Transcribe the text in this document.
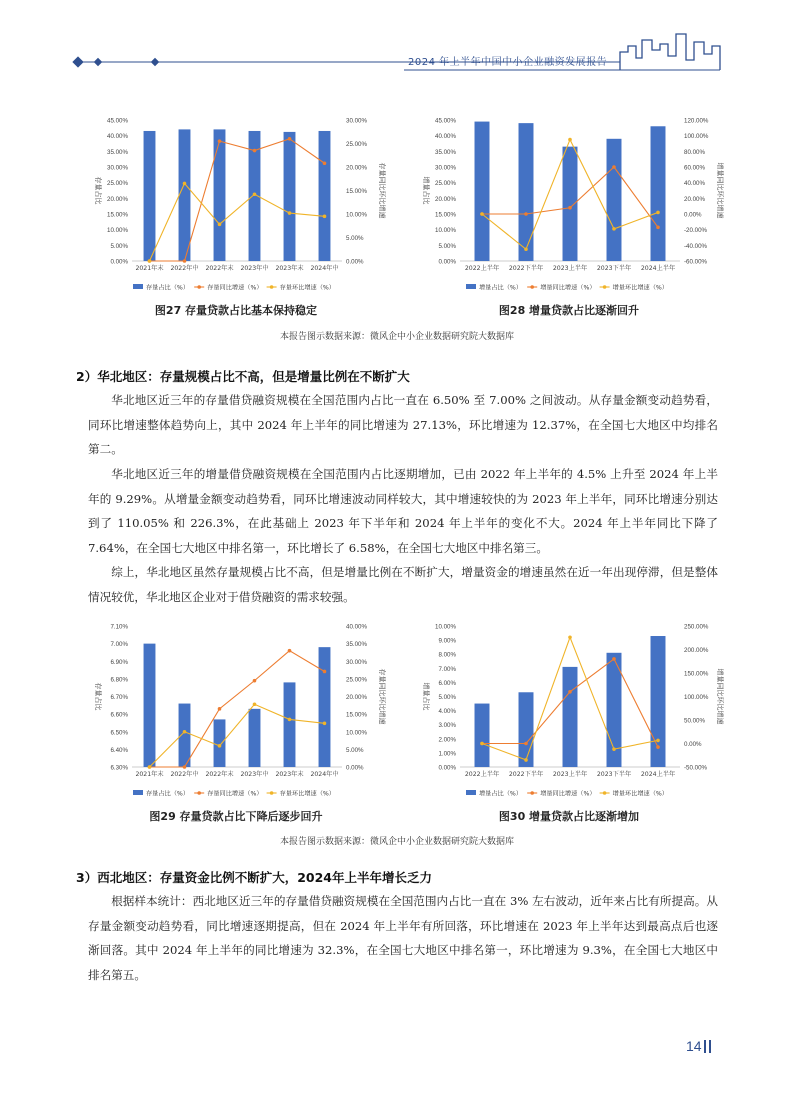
2024 年上半年中国中小企业融资发展报告
0.00%
5.00%
10.00%
15.00%
20.00%
25.00%
30.00%
35.00%
40.00%
45.00%
0.00%
5.00%
10.00%
15.00%
20.00%
25.00%
30.00%
存量占比	存量同比环比增速
2021年末 2022年中 2022年末 2023年中 2023年末 2024年中
存量占比（%）	存量同比增速（%）	存量环比增速（%）
0.00%
5.00%
10.00%
15.00%
20.00%
25.00%
30.00%
35.00%
40.00%
45.00%
-60.00%
-40.00%
-20.00%
0.00%
20.00%
40.00%
60.00%
80.00%
100.00%
120.00%
增量占比	增量同比环比增速
2022上半年 2022下半年 2023上半年 2023下半年 2024上半年
增量占比（%）	增量同比增速（%）	增量环比增速（%）
图27 存量贷款占比基本保持稳定	图28 增量贷款占比逐渐回升
本报告图示数据来源：微风企中小企业数据研究院大数据库
2）华北地区：存量规模占比不高，但是增量比例在不断扩大

华北地区近三年的存量借贷融资规模在全国范围内占比一直在 6.50% 至 7.00% 之间波动。从存量金额变动趋势看，同环比增速整体趋势向上，其中 2024 年上半年的同比增速为 27.13%，环比增速为 12.37%，在全国七大地区中均排名第二。

华北地区近三年的增量借贷融资规模在全国范围内占比逐期增加，已由 2022 年上半年的 4.5% 上升至 2024 年上半年的 9.29%。从增量金额变动趋势看，同环比增速波动同样较大，其中增速较快的为 2023 年上半年，同环比增速分别达到了 110.05% 和 226.3%，在此基础上 2023 年下半年和 2024 年上半年的变化不大。2024 年上半年同比下降了 7.64%，在全国七大地区中排名第一，环比增长了 6.58%，在全国七大地区中排名第三。

综上，华北地区虽然存量规模占比不高，但是增量比例在不断扩大，增量资金的增速虽然在近一年出现停滞，但是整体情况较优，华北地区企业对于借贷融资的需求较强。

6.30%
6.40%
6.50%
6.60%
6.70%
6.80%
6.90%
7.00%
7.10%
0.00%
5.00%
10.00%
15.00%
20.00%
25.00%
30.00%
35.00%
40.00%
存量占比	存量同比环比增速
2021年末 2022年中 2022年末 2023年中 2023年末 2024年中
存量占比（%）	存量同比增速（%）	存量环比增速（%）
0.00%
1.00%
2.00%
3.00%
4.00%
5.00%
6.00%
7.00%
8.00%
9.00%
10.00%
-50.00%
0.00%
50.00%
100.00%
150.00%
200.00%
250.00%
增量占比	增量同比环比增速
2022上半年 2022下半年 2023上半年 2023下半年 2024上半年
增量占比（%）	增量同比增速（%）	增量环比增速（%）
图29 存量贷款占比下降后逐步回升	图30 增量贷款占比逐渐增加
本报告图示数据来源：微风企中小企业数据研究院大数据库
3）西北地区：存量资金比例不断扩大，2024年上半年增长乏力

根据样本统计：西北地区近三年的存量借贷融资规模在全国范围内占比一直在 3% 左右波动，近年来占比有所提高。从存量金额变动趋势看，同比增速逐期提高，但在 2024 年上半年有所回落，环比增速在 2023 年上半年达到最高点后也逐渐回落。其中 2024 年上半年的同比增速为 32.3%，在全国七大地区中排名第一，环比增速为 9.3%，在全国七大地区中排名第五。

14
